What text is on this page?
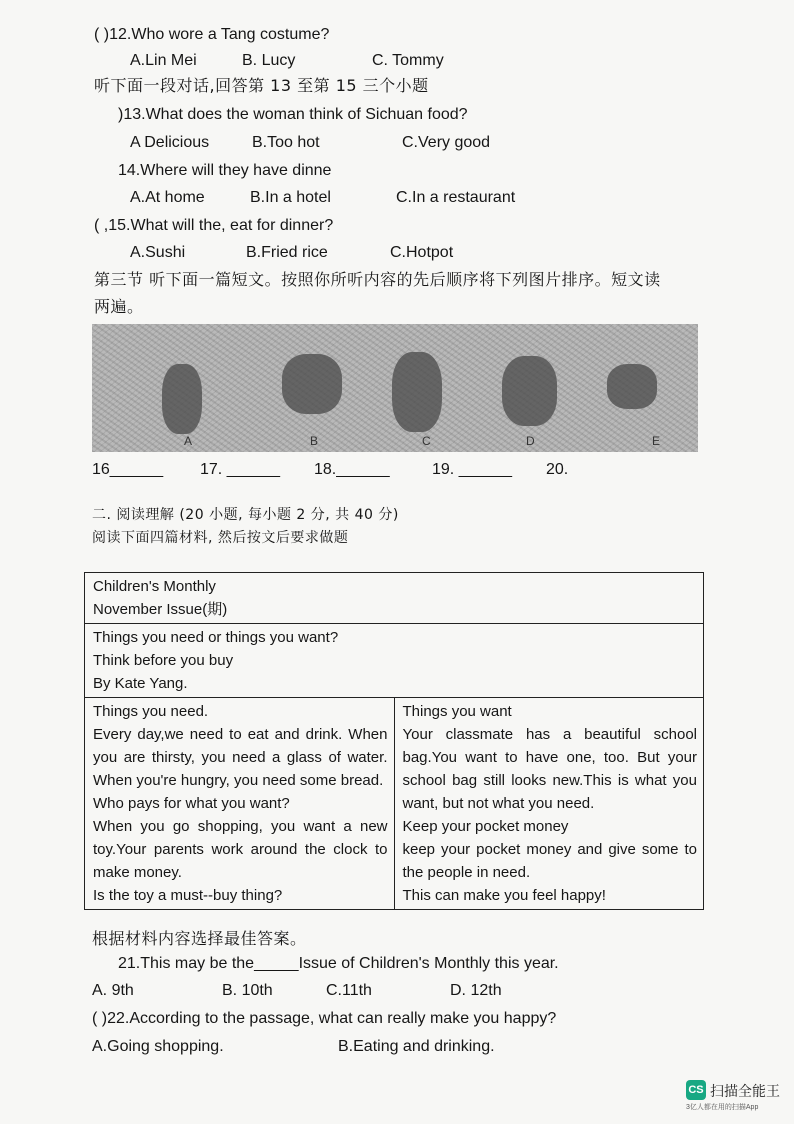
( )12.Who wore a Tang costume?
A.Lin Mei	B. Lucy	C. Tommy
听下面一段对话,回答第 13 至第 15 三个小题
)13.What does the woman think of Sichuan food?
A Delicious	B.Too hot	C.Very good
14.Where will they have dinne
A.At home	B.In a hotel	C.In a restaurant
( ,15.What will the, eat for dinner?
A.Sushi	B.Fried rice	C.Hotpot
第三节 听下面一篇短文。按照你所听内容的先后顺序将下列图片排序。短文读
两遍。
A	B	C	D	E
16______ 17. ______ 18.______	19. ______ 20.
二. 阅读理解 (20 小题, 每小题 2 分, 共 40 分)
阅读下面四篇材料, 然后按文后要求做题
Children's Monthly
November Issue(期)

Things you need or things you want?
Think before you buy
By Kate Yang.

Things you need.
Every day,we need to eat and drink. When you are thirsty, you need a glass of water. When you're hungry, you need some bread.
Who pays for what you want?
When you go shopping, you want a new toy.Your parents work around the clock to make money.
Is the toy a must--buy thing?

Things you want
Your classmate has a beautiful school bag.You want to have one, too. But your school bag still looks new.This is what you want, but not what you need.
Keep your pocket money
keep your pocket money and give some to the people in need.
This can make you feel happy!
根据材料内容选择最佳答案。
21.This may be the_____Issue of Children's Monthly this year.
A. 9th	B. 10th	C.11th	D. 12th
( )22.According to the passage, what can really make you happy?
A.Going shopping.	B.Eating and drinking.
CS 扫描全能王
3亿人都在用的扫描App
